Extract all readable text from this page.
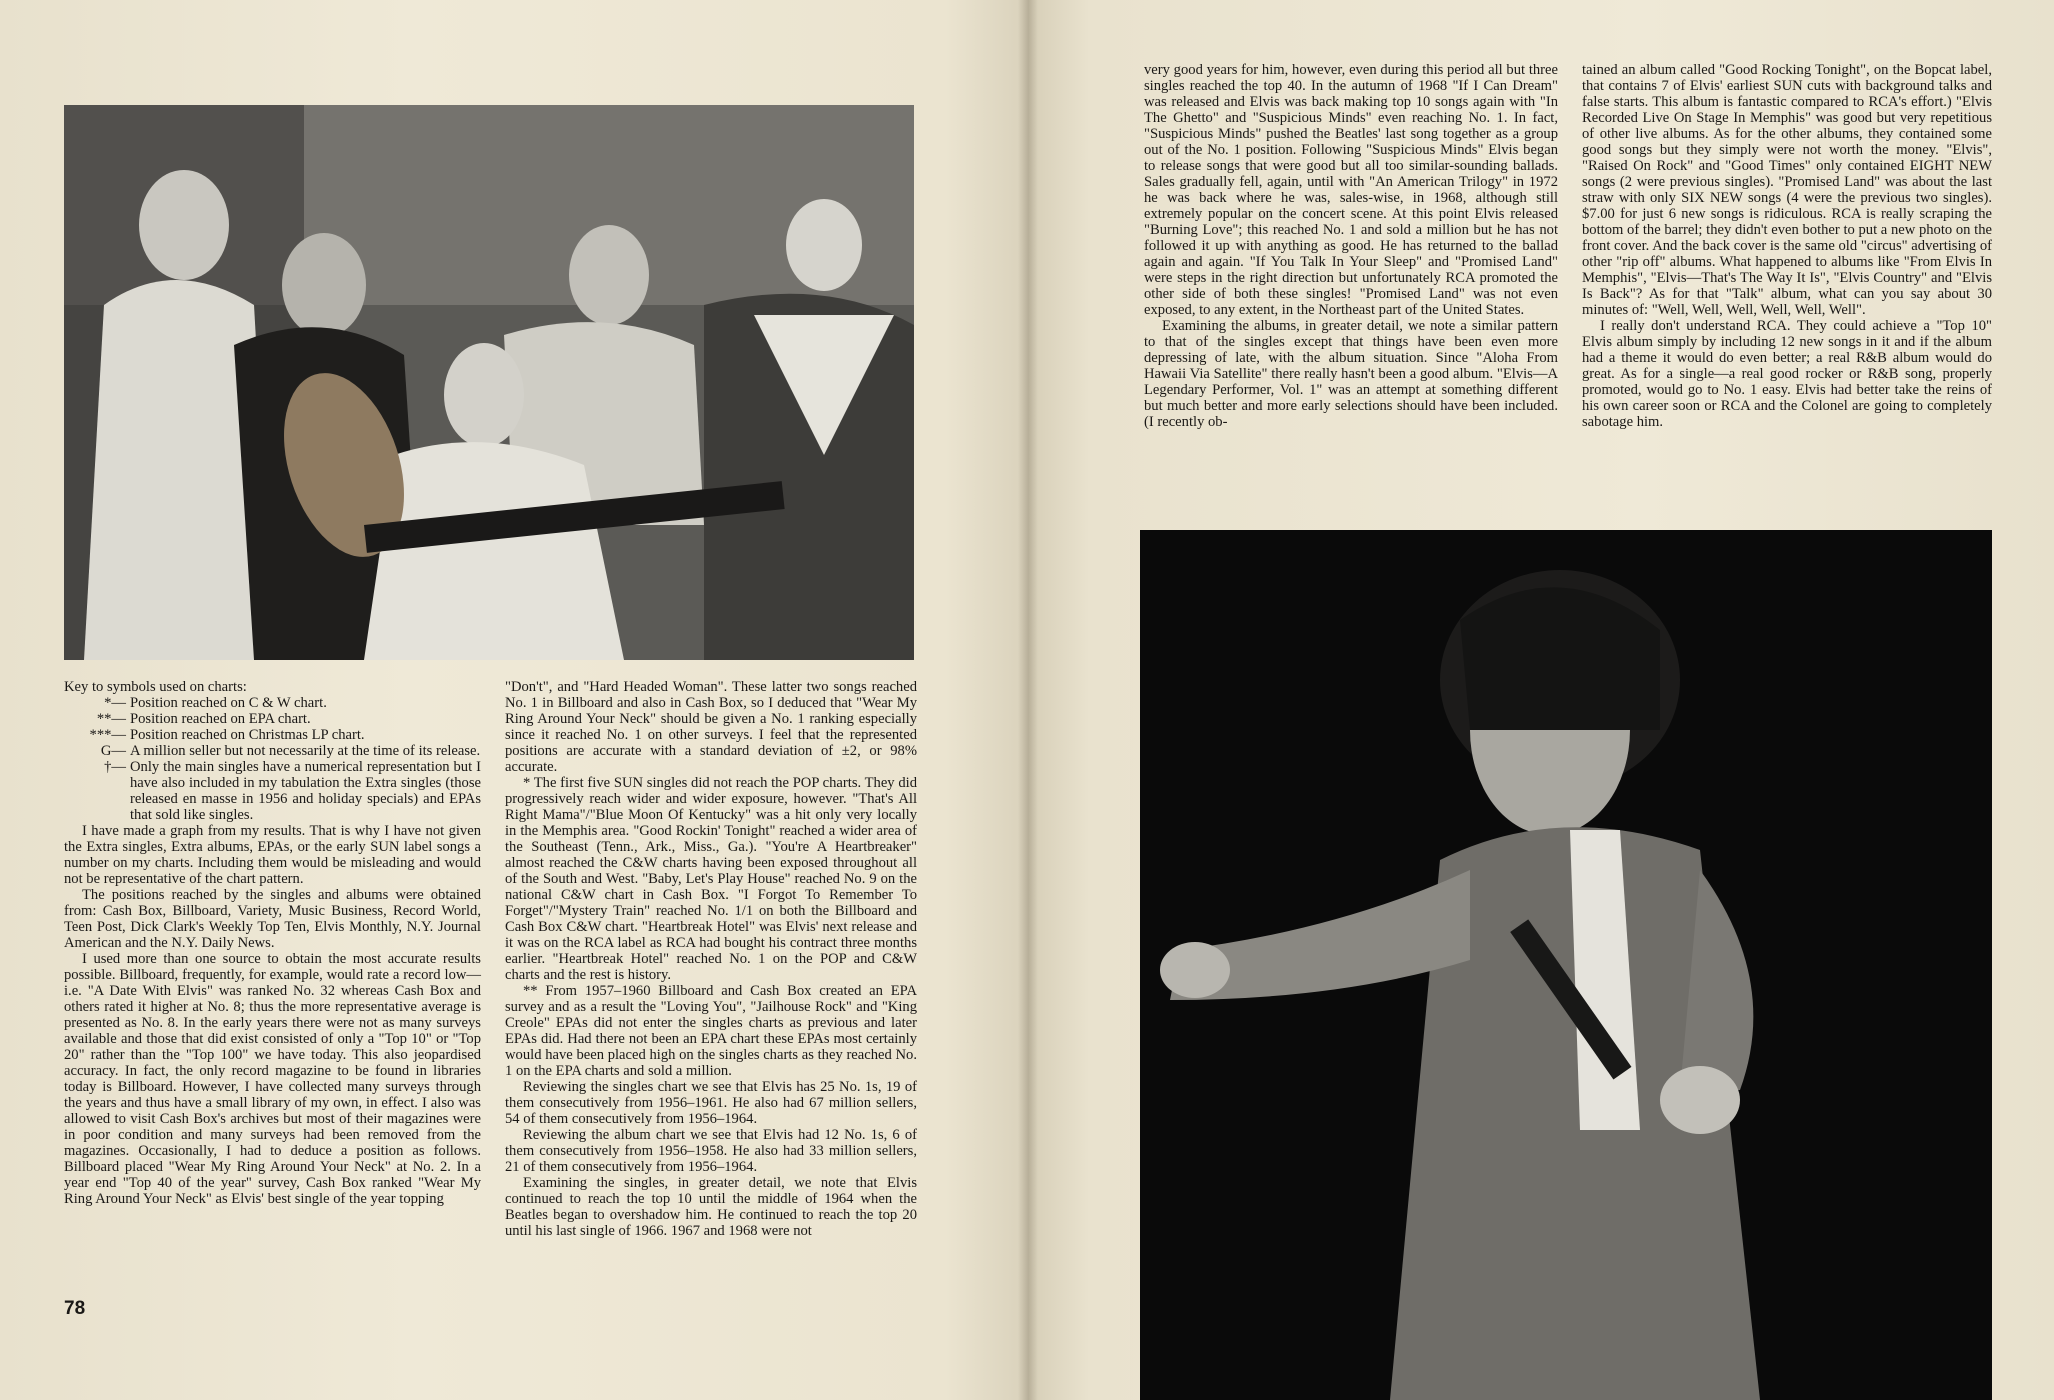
Key to symbols used on charts:

*— Position reached on C & W chart.
**— Position reached on EPA chart.
***— Position reached on Christmas LP chart.
G— A million seller but not necessarily at the time of its release.
†— Only the main singles have a numerical representation but I have also included in my tabulation the Extra singles (those released en masse in 1956 and holiday specials) and EPAs that sold like singles.

I have made a graph from my results. That is why I have not given the Extra singles, Extra albums, EPAs, or the early SUN label songs a number on my charts. Including them would be misleading and would not be representative of the chart pattern.

The positions reached by the singles and albums were obtained from: Cash Box, Billboard, Variety, Music Business, Record World, Teen Post, Dick Clark's Weekly Top Ten, Elvis Monthly, N.Y. Journal American and the N.Y. Daily News.

I used more than one source to obtain the most accurate results possible. Billboard, frequently, for example, would rate a record low—i.e. "A Date With Elvis" was ranked No. 32 whereas Cash Box and others rated it higher at No. 8; thus the more representative average is presented as No. 8. In the early years there were not as many surveys available and those that did exist consisted of only a "Top 10" or "Top 20" rather than the "Top 100" we have today. This also jeopardised accuracy. In fact, the only record magazine to be found in libraries today is Billboard. However, I have collected many surveys through the years and thus have a small library of my own, in effect. I also was allowed to visit Cash Box's archives but most of their magazines were in poor condition and many surveys had been removed from the magazines. Occasionally, I had to deduce a position as follows. Billboard placed "Wear My Ring Around Your Neck" at No. 2. In a year end "Top 40 of the year" survey, Cash Box ranked "Wear My Ring Around Your Neck" as Elvis' best single of the year topping

"Don't", and "Hard Headed Woman". These latter two songs reached No. 1 in Billboard and also in Cash Box, so I deduced that "Wear My Ring Around Your Neck" should be given a No. 1 ranking especially since it reached No. 1 on other surveys. I feel that the represented positions are accurate with a standard deviation of ±2, or 98% accurate.

* The first five SUN singles did not reach the POP charts. They did progressively reach wider and wider exposure, however. "That's All Right Mama"/"Blue Moon Of Kentucky" was a hit only very locally in the Memphis area. "Good Rockin' Tonight" reached a wider area of the Southeast (Tenn., Ark., Miss., Ga.). "You're A Heartbreaker" almost reached the C&W charts having been exposed throughout all of the South and West. "Baby, Let's Play House" reached No. 9 on the national C&W chart in Cash Box. "I Forgot To Remember To Forget"/"Mystery Train" reached No. 1/1 on both the Billboard and Cash Box C&W chart. "Heartbreak Hotel" was Elvis' next release and it was on the RCA label as RCA had bought his contract three months earlier. "Heartbreak Hotel" reached No. 1 on the POP and C&W charts and the rest is history.

** From 1957–1960 Billboard and Cash Box created an EPA survey and as a result the "Loving You", "Jailhouse Rock" and "King Creole" EPAs did not enter the singles charts as previous and later EPAs did. Had there not been an EPA chart these EPAs most certainly would have been placed high on the singles charts as they reached No. 1 on the EPA charts and sold a million.

Reviewing the singles chart we see that Elvis has 25 No. 1s, 19 of them consecutively from 1956–1961. He also had 67 million sellers, 54 of them consecutively from 1956–1964.

Reviewing the album chart we see that Elvis had 12 No. 1s, 6 of them consecutively from 1956–1958. He also had 33 million sellers, 21 of them consecutively from 1956–1964.

Examining the singles, in greater detail, we note that Elvis continued to reach the top 10 until the middle of 1964 when the Beatles began to overshadow him. He continued to reach the top 20 until his last single of 1966. 1967 and 1968 were not

very good years for him, however, even during this period all but three singles reached the top 40. In the autumn of 1968 "If I Can Dream" was released and Elvis was back making top 10 songs again with "In The Ghetto" and "Suspicious Minds" even reaching No. 1. In fact, "Suspicious Minds" pushed the Beatles' last song together as a group out of the No. 1 position. Following "Suspicious Minds" Elvis began to release songs that were good but all too similar-sounding ballads. Sales gradually fell, again, until with "An American Trilogy" in 1972 he was back where he was, sales-wise, in 1968, although still extremely popular on the concert scene. At this point Elvis released "Burning Love"; this reached No. 1 and sold a million but he has not followed it up with anything as good. He has returned to the ballad again and again. "If You Talk In Your Sleep" and "Promised Land" were steps in the right direction but unfortunately RCA promoted the other side of both these singles! "Promised Land" was not even exposed, to any extent, in the Northeast part of the United States.

Examining the albums, in greater detail, we note a similar pattern to that of the singles except that things have been even more depressing of late, with the album situation. Since "Aloha From Hawaii Via Satellite" there really hasn't been a good album. "Elvis—A Legendary Performer, Vol. 1" was an attempt at something different but much better and more early selections should have been included. (I recently ob-

tained an album called "Good Rocking Tonight", on the Bopcat label, that contains 7 of Elvis' earliest SUN cuts with background talks and false starts. This album is fantastic compared to RCA's effort.) "Elvis Recorded Live On Stage In Memphis" was good but very repetitious of other live albums. As for the other albums, they contained some good songs but they simply were not worth the money. "Elvis", "Raised On Rock" and "Good Times" only contained EIGHT NEW songs (2 were previous singles). "Promised Land" was about the last straw with only SIX NEW songs (4 were the previous two singles). $7.00 for just 6 new songs is ridiculous. RCA is really scraping the bottom of the barrel; they didn't even bother to put a new photo on the front cover. And the back cover is the same old "circus" advertising of other "rip off" albums. What happened to albums like "From Elvis In Memphis", "Elvis—That's The Way It Is", "Elvis Country" and "Elvis Is Back"? As for that "Talk" album, what can you say about 30 minutes of: "Well, Well, Well, Well, Well, Well".

I really don't understand RCA. They could achieve a "Top 10" Elvis album simply by including 12 new songs in it and if the album had a theme it would do even better; a real R&B album would do great. As for a single—a real good rocker or R&B song, properly promoted, would go to No. 1 easy. Elvis had better take the reins of his own career soon or RCA and the Colonel are going to completely sabotage him.

78
